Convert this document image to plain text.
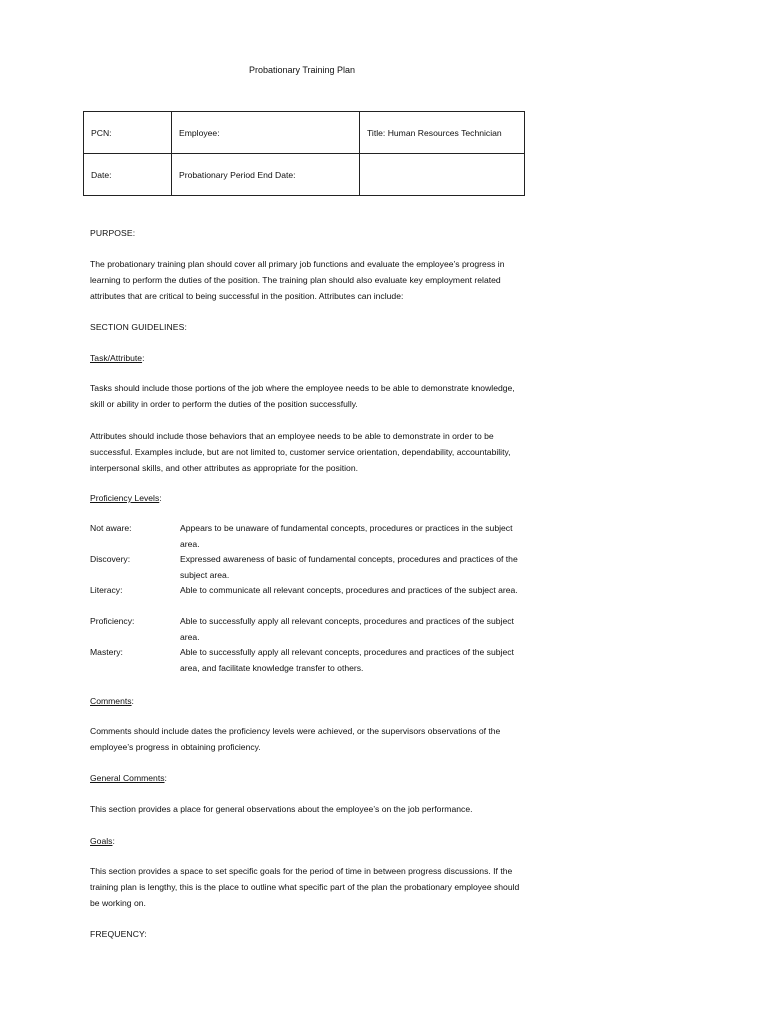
Probationary Training Plan
PCN:	Employee:	Title: Human Resources Technician
Date:	Probationary Period End Date:	
PURPOSE:
The probationary training plan should cover all primary job functions and evaluate the employee’s progress in learning to perform the duties of the position. The training plan should also evaluate key employment related attributes that are critical to being successful in the position. Attributes can include:
SECTION GUIDELINES:
Task/Attribute:
Tasks should include those portions of the job where the employee needs to be able to demonstrate knowledge, skill or ability in order to perform the duties of the position successfully.
Attributes should include those behaviors that an employee needs to be able to demonstrate in order to be successful. Examples include, but are not limited to, customer service orientation, dependability, accountability, interpersonal skills, and other attributes as appropriate for the position.
Proficiency Levels:
Not aware:	Appears to be unaware of fundamental concepts, procedures or practices in the subject area.
Discovery:	Expressed awareness of basic of fundamental concepts, procedures and practices of the subject area.
Literacy:	Able to communicate all relevant concepts, procedures and practices of the subject area.
Proficiency:	Able to successfully apply all relevant concepts, procedures and practices of the subject area.
Mastery:	Able to successfully apply all relevant concepts, procedures and practices of the subject area, and facilitate knowledge transfer to others.
Comments:
Comments should include dates the proficiency levels were achieved, or the supervisors observations of the employee’s progress in obtaining proficiency.
General Comments:
This section provides a place for general observations about the employee’s on the job performance.
Goals:
This section provides a space to set specific goals for the period of time in between progress discussions. If the training plan is lengthy, this is the place to outline what specific part of the plan the probationary employee should be working on.
FREQUENCY:
